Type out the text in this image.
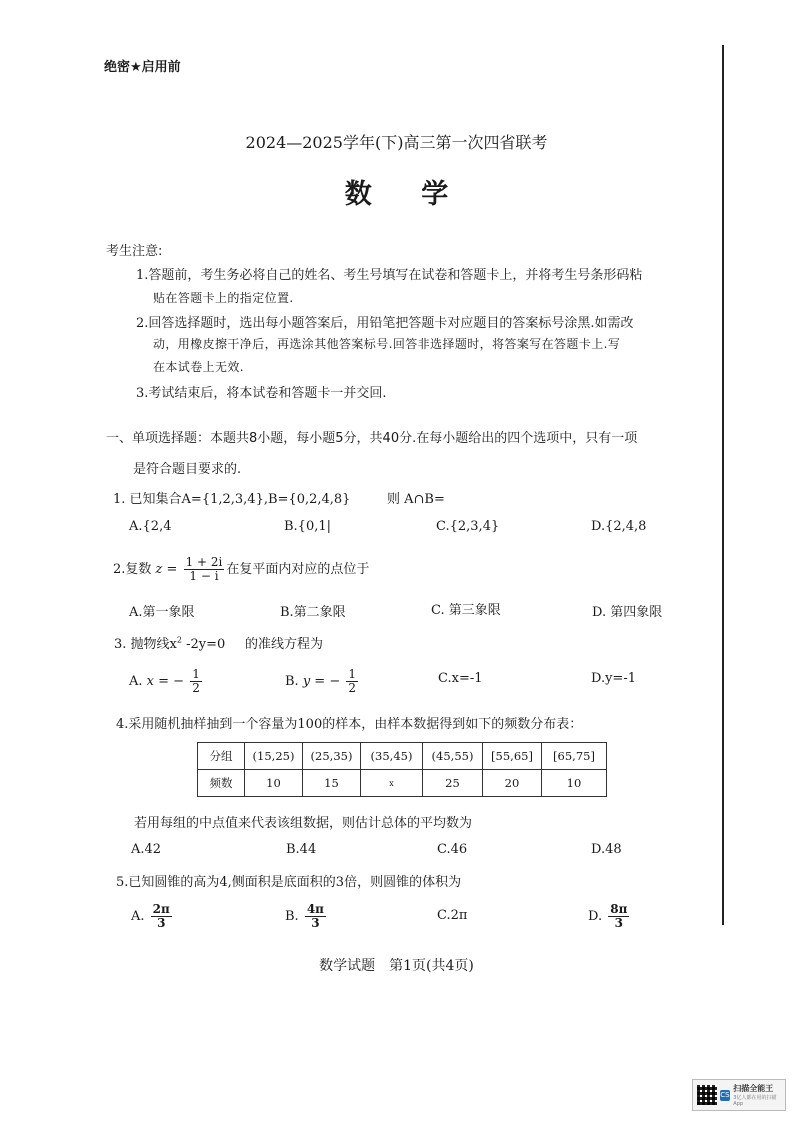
绝密★启用前
2024—2025学年(下)高三第一次四省联考
数 学
考生注意:
1.答题前，考生务必将自己的姓名、考生号填写在试卷和答题卡上，并将考生号条形码粘
贴在答题卡上的指定位置.
2.回答选择题时，选出每小题答案后，用铅笔把答题卡对应题目的答案标号涂黑.如需改
动，用橡皮擦干净后，再选涂其他答案标号.回答非选择题时，将答案写在答题卡上.写
在本试卷上无效.
3.考试结束后，将本试卷和答题卡一并交回.
一、单项选择题：本题共8小题，每小题5分，共40分.在每小题给出的四个选项中，只有一项
是符合题目要求的.
1. 已知集合A={1,2,3,4},B={0,2,4,8}	则 A∩B=
A.{2,4	B.{0,1|	C.{2,3,4}	D.{2,4,8
2.复数 $z = \frac{1 + 2i}{1 - i}$ 在复平面内对应的点位于
A.第一象限	B.第二象限	C. 第三象限	D. 第四象限
3. 抛物线$x^2$ -2y=0 的准线方程为
A. x = − $\frac{1}{2}$	B. y = − $\frac{1}{2}$	C.x=-1	D.y=-1
4.采用随机抽样抽到一个容量为100的样本，由样本数据得到如下的频数分布表：
分组	(15,25)	(25,35)	(35,45)	(45,55)	[55,65]	[65,75]
频数	10	15	x	25	20	10
若用每组的中点值来代表该组数据，则估计总体的平均数为
A.42	B.44	C.46	D.48
5.已知圆锥的高为4,侧面积是底面积的3倍，则圆锥的体积为
A. $\frac{2\pi}{3}$	B. $\frac{4\pi}{3}$	C.2π	D. $\frac{8\pi}{3}$
数学试题　第1页(共4页)
CS
扫描全能王
3亿人都在用的扫描App
